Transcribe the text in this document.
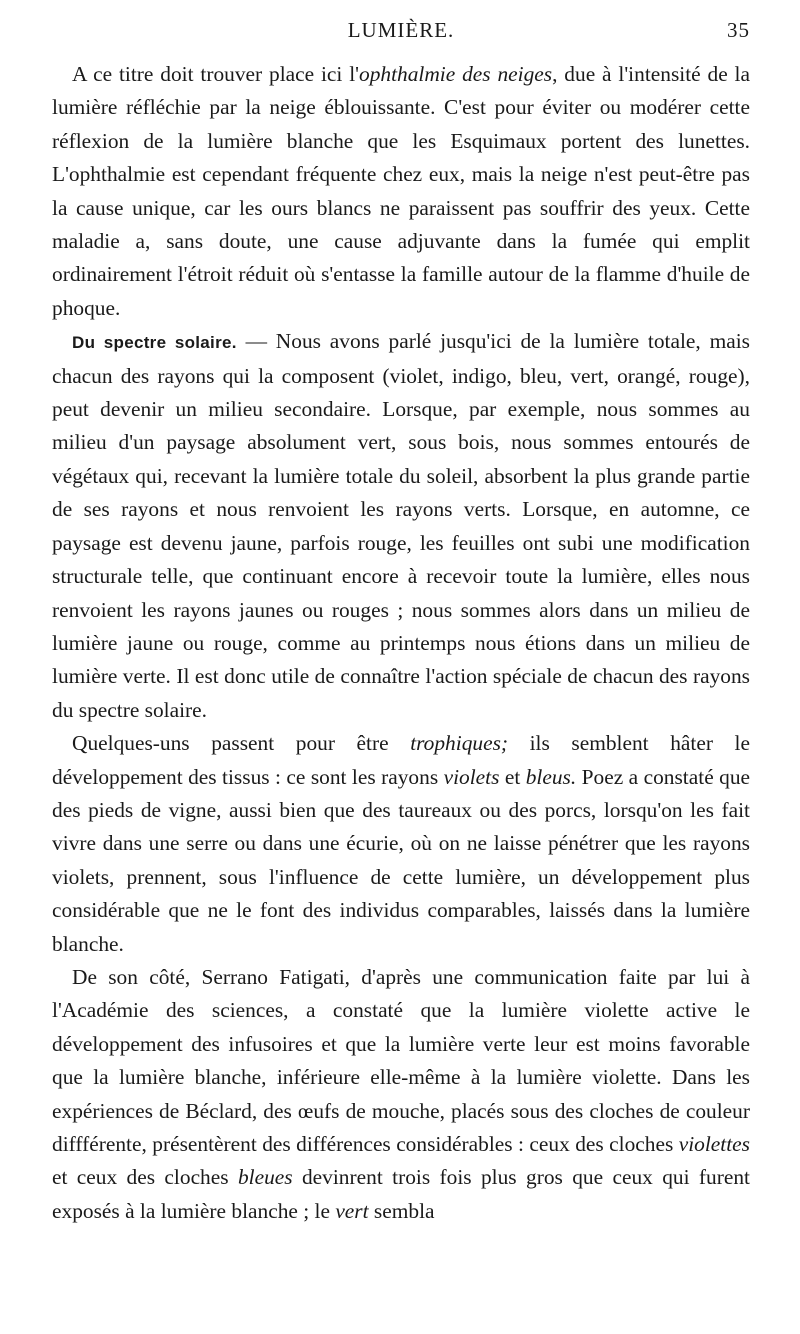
LUMIÈRE.	35

A ce titre doit trouver place ici l'ophthalmie des neiges, due à l'intensité de la lumière réfléchie par la neige éblouissante. C'est pour éviter ou modérer cette réflexion de la lumière blanche que les Esquimaux portent des lunettes. L'ophthalmie est cependant fréquente chez eux, mais la neige n'est peut-être pas la cause unique, car les ours blancs ne paraissent pas souffrir des yeux. Cette maladie a, sans doute, une cause adjuvante dans la fumée qui emplit ordinairement l'étroit réduit où s'entasse la famille autour de la flamme d'huile de phoque.

Du spectre solaire. — Nous avons parlé jusqu'ici de la lumière totale, mais chacun des rayons qui la composent (violet, indigo, bleu, vert, orangé, rouge), peut devenir un milieu secondaire. Lorsque, par exemple, nous sommes au milieu d'un paysage absolument vert, sous bois, nous sommes entourés de végétaux qui, recevant la lumière totale du soleil, absorbent la plus grande partie de ses rayons et nous renvoient les rayons verts. Lorsque, en automne, ce paysage est devenu jaune, parfois rouge, les feuilles ont subi une modification structurale telle, que continuant encore à recevoir toute la lumière, elles nous renvoient les rayons jaunes ou rouges ; nous sommes alors dans un milieu de lumière jaune ou rouge, comme au printemps nous étions dans un milieu de lumière verte. Il est donc utile de connaître l'action spéciale de chacun des rayons du spectre solaire.

Quelques-uns passent pour être trophiques; ils semblent hâter le développement des tissus : ce sont les rayons violets et bleus. Poez a constaté que des pieds de vigne, aussi bien que des taureaux ou des porcs, lorsqu'on les fait vivre dans une serre ou dans une écurie, où on ne laisse pénétrer que les rayons violets, prennent, sous l'influence de cette lumière, un développement plus considérable que ne le font des individus comparables, laissés dans la lumière blanche.

De son côté, Serrano Fatigati, d'après une communication faite par lui à l'Académie des sciences, a constaté que la lumière violette active le développement des infusoires et que la lumière verte leur est moins favorable que la lumière blanche, inférieure elle-même à la lumière violette. Dans les expériences de Béclard, des œufs de mouche, placés sous des cloches de couleur diffférente, présentèrent des différences considérables : ceux des cloches violettes et ceux des cloches bleues devinrent trois fois plus gros que ceux qui furent exposés à la lumière blanche ; le vert sembla
